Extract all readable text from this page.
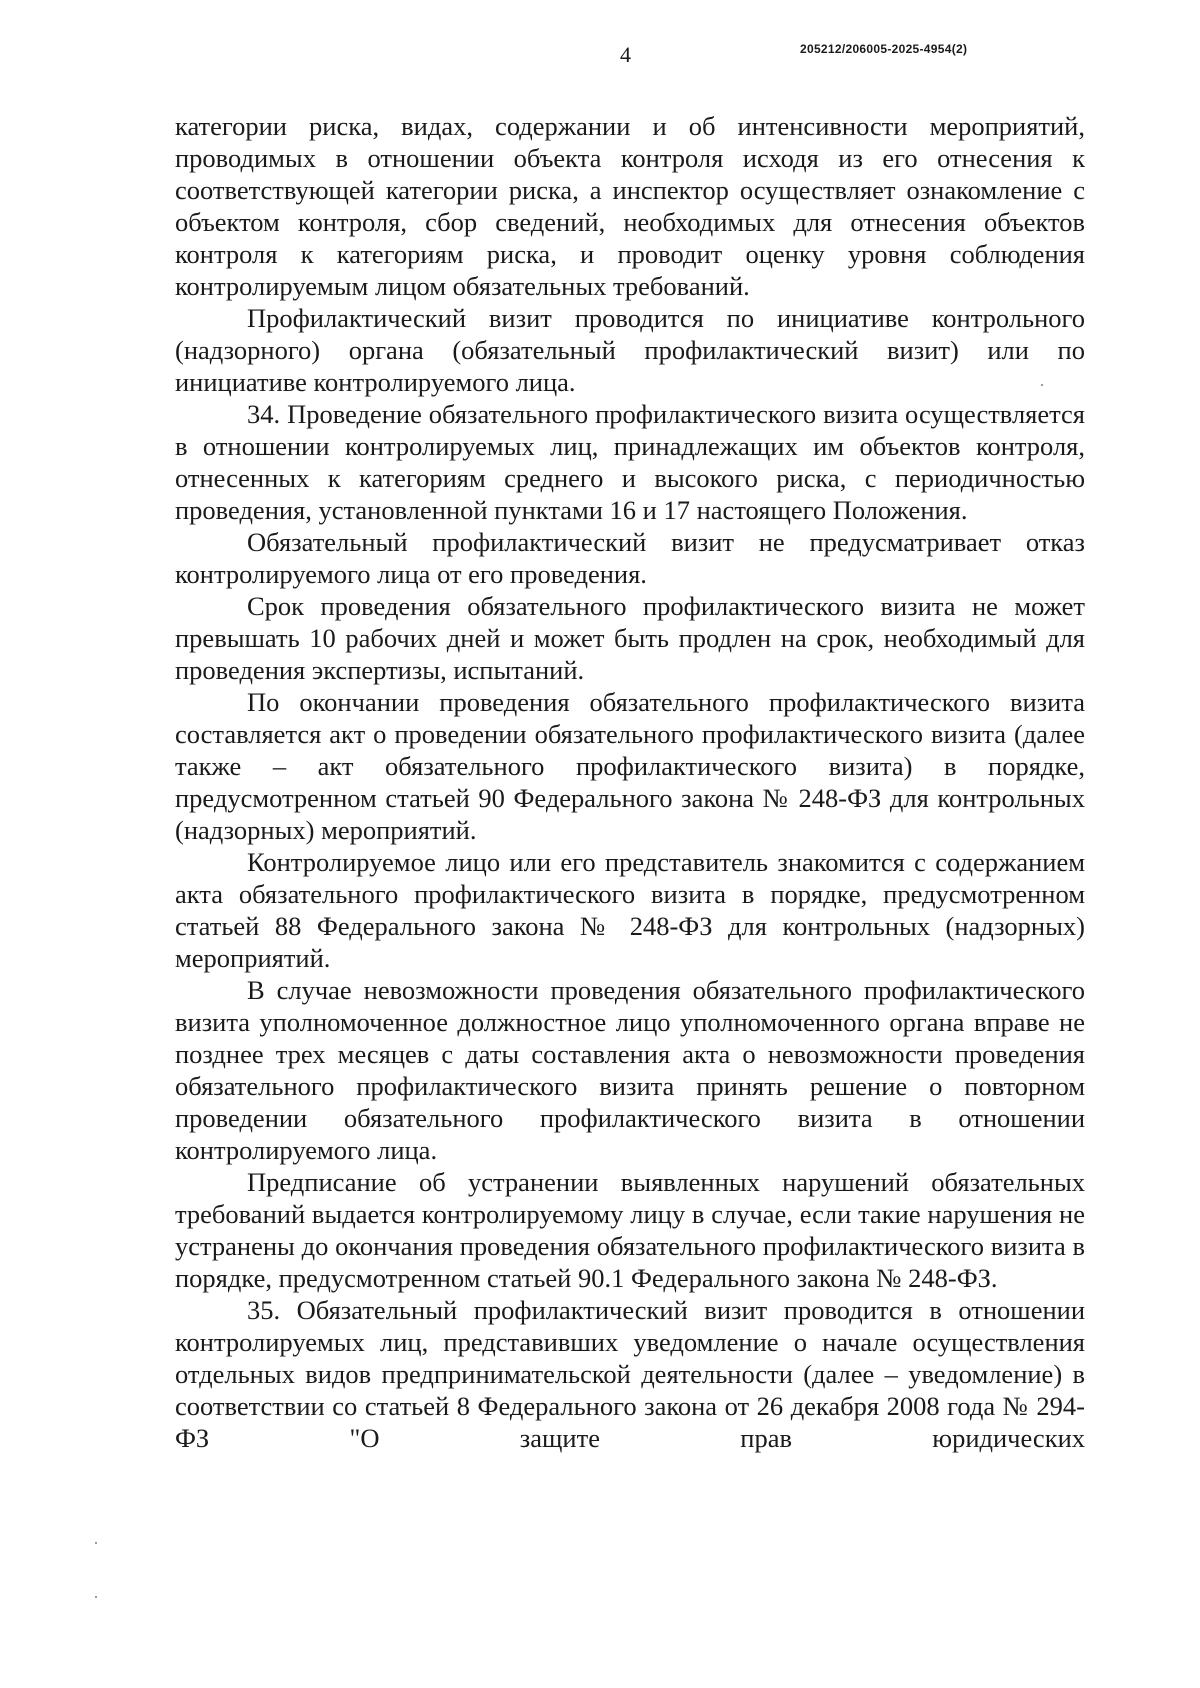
4	205212/206005-2025-4954(2)

категории риска, видах, содержании и об интенсивности мероприятий, проводимых в отношении объекта контроля исходя из его отнесения к соответствующей категории риска, а инспектор осуществляет ознакомление с объектом контроля, сбор сведений, необходимых для отнесения объектов контроля к категориям риска, и проводит оценку уровня соблюдения контролируемым лицом обязательных требований.

Профилактический визит проводится по инициативе контрольного (надзорного) органа (обязательный профилактический визит) или по инициативе контролируемого лица.

34. Проведение обязательного профилактического визита осуществляется в отношении контролируемых лиц, принадлежащих им объектов контроля, отнесенных к категориям среднего и высокого риска, с периодичностью проведения, установленной пунктами 16 и 17 настоящего Положения.

Обязательный профилактический визит не предусматривает отказ контролируемого лица от его проведения.

Срок проведения обязательного профилактического визита не может превышать 10 рабочих дней и может быть продлен на срок, необходимый для проведения экспертизы, испытаний.

По окончании проведения обязательного профилактического визита составляется акт о проведении обязательного профилактического визита (далее также – акт обязательного профилактического визита) в порядке, предусмотренном статьей 90 Федерального закона № 248-ФЗ для контрольных (надзорных) мероприятий.

Контролируемое лицо или его представитель знакомится с содержанием акта обязательного профилактического визита в порядке, предусмотренном статьей 88 Федерального закона № 248-ФЗ для контрольных (надзорных) мероприятий.

В случае невозможности проведения обязательного профилактического визита уполномоченное должностное лицо уполномоченного органа вправе не позднее трех месяцев с даты составления акта о невозможности проведения обязательного профилактического визита принять решение о повторном проведении обязательного профилактического визита в отношении контролируемого лица.

Предписание об устранении выявленных нарушений обязательных требований выдается контролируемому лицу в случае, если такие нарушения не устранены до окончания проведения обязательного профилактического визита в порядке, предусмотренном статьей 90.1 Федерального закона № 248-ФЗ.

35. Обязательный профилактический визит проводится в отношении контролируемых лиц, представивших уведомление о начале осуществления отдельных видов предпринимательской деятельности (далее – уведомление) в соответствии со статьей 8 Федерального закона от 26 декабря 2008 года № 294-ФЗ "О защите прав юридических
